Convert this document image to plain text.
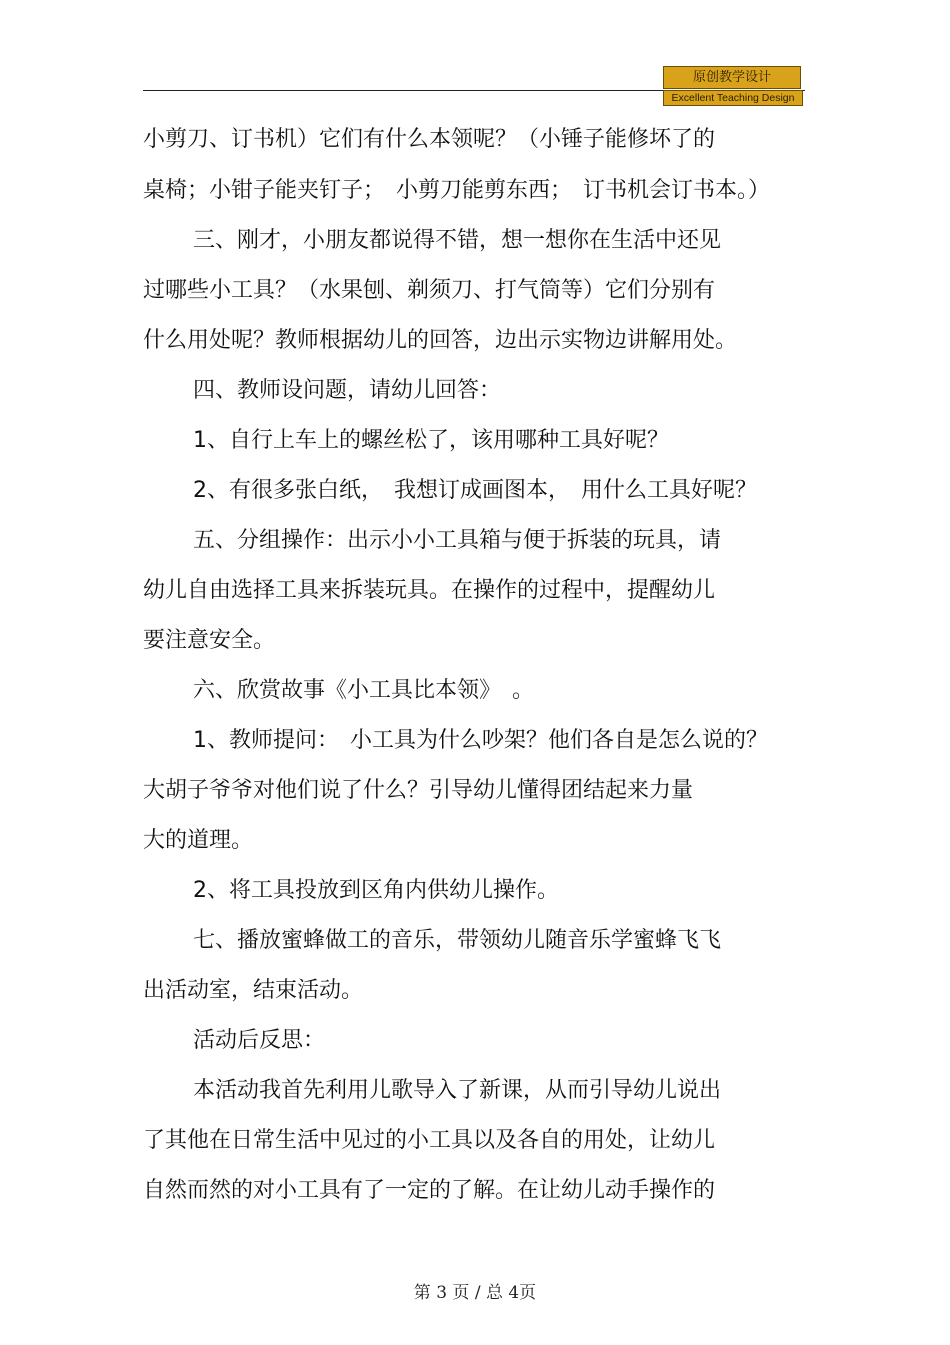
原创教学设计
Excellent Teaching Design
小剪刀、订书机）它们有什么本领呢？（小锤子能修坏了的
桌椅；小钳子能夹钉子；　小剪刀能剪东西；　订书机会订书本。）
三、刚才，小朋友都说得不错，想一想你在生活中还见
过哪些小工具？（水果刨、剃须刀、打气筒等）它们分别有
什么用处呢？教师根据幼儿的回答，边出示实物边讲解用处。
四、教师设问题，请幼儿回答：
1、自行上车上的螺丝松了，该用哪种工具好呢？
2、有很多张白纸，　我想订成画图本，　用什么工具好呢？
五、分组操作：出示小小工具箱与便于拆装的玩具，请
幼儿自由选择工具来拆装玩具。在操作的过程中，提醒幼儿
要注意安全。
六、欣赏故事《小工具比本领》　。
1、教师提问：　小工具为什么吵架？他们各自是怎么说的？
大胡子爷爷对他们说了什么？引导幼儿懂得团结起来力量
大的道理。
2、将工具投放到区角内供幼儿操作。
七、播放蜜蜂做工的音乐，带领幼儿随音乐学蜜蜂飞飞
出活动室，结束活动。
活动后反思：
本活动我首先利用儿歌导入了新课，从而引导幼儿说出
了其他在日常生活中见过的小工具以及各自的用处，让幼儿
自然而然的对小工具有了一定的了解。在让幼儿动手操作的
第 3 页 / 总 4页
